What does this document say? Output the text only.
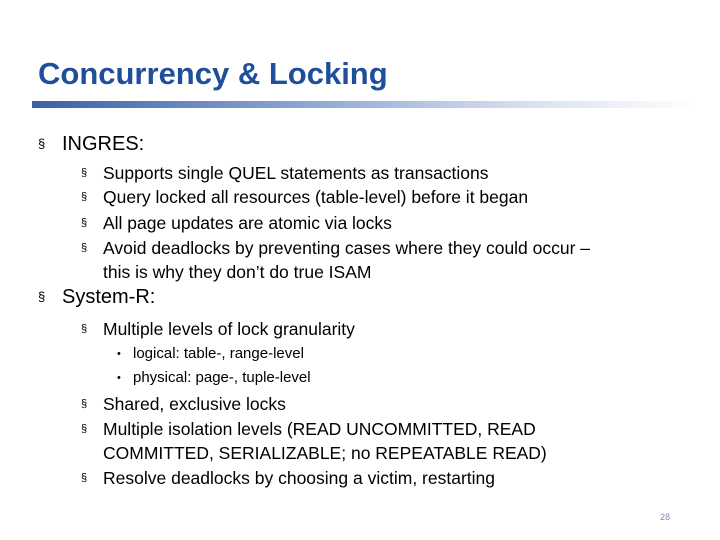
Concurrency & Locking
§ INGRES:
§ Supports single QUEL statements as transactions
§ Query locked all resources (table-level) before it began
§ All page updates are atomic via locks
§ Avoid deadlocks by preventing cases where they could occur –
this is why they don’t do true ISAM
§ System-R:
§ Multiple levels of lock granularity
• logical: table-, range-level
• physical: page-, tuple-level
§ Shared, exclusive locks
§ Multiple isolation levels (READ UNCOMMITTED, READ
COMMITTED, SERIALIZABLE; no REPEATABLE READ)
§ Resolve deadlocks by choosing a victim, restarting
28
